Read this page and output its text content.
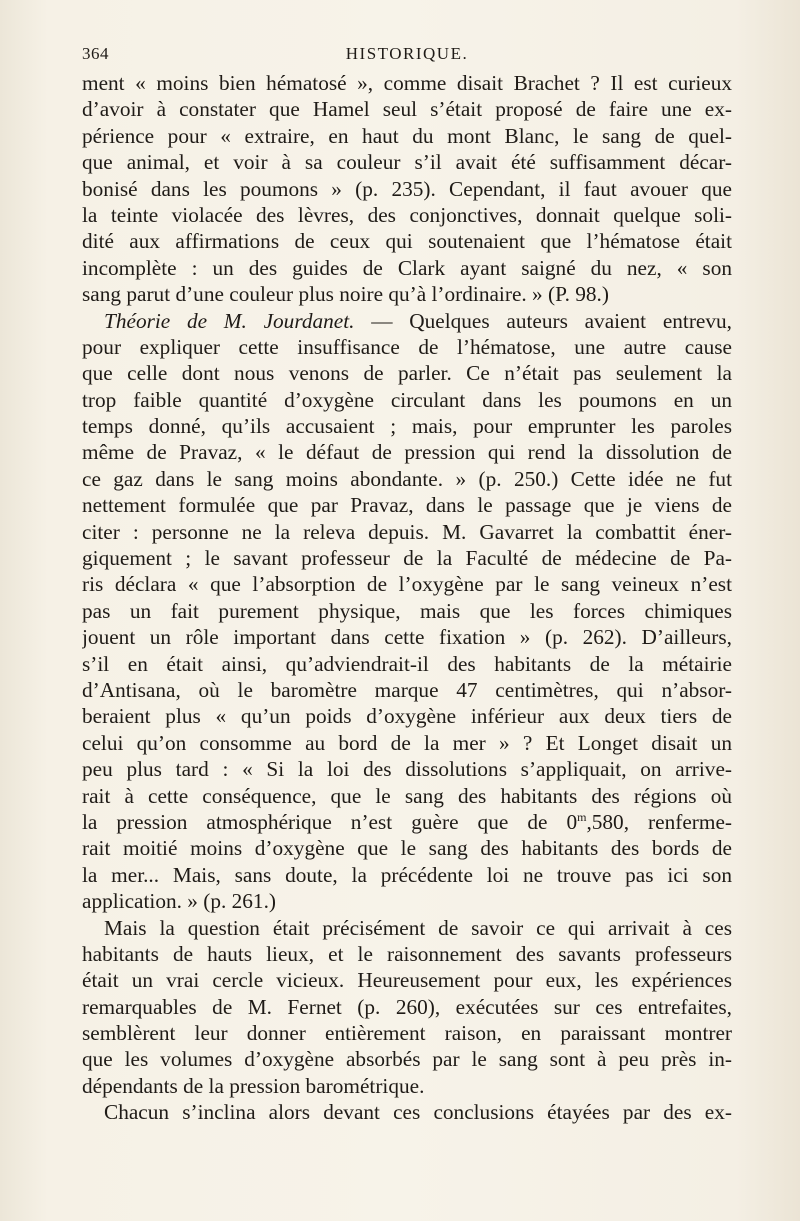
364	HISTORIQUE.
ment « moins bien hématosé », comme disait Brachet ? Il est curieux
d’avoir à constater que Hamel seul s’était proposé de faire une ex-
périence pour « extraire, en haut du mont Blanc, le sang de quel-
que animal, et voir à sa couleur s’il avait été suffisamment décar-
bonisé dans les poumons » (p. 235). Cependant, il faut avouer que
la teinte violacée des lèvres, des conjonctives, donnait quelque soli-
dité aux affirmations de ceux qui soutenaient que l’hématose était
incomplète : un des guides de Clark ayant saigné du nez, « son
sang parut d’une couleur plus noire qu’à l’ordinaire. » (P. 98.)
Théorie de M. Jourdanet. — Quelques auteurs avaient entrevu,
pour expliquer cette insuffisance de l’hématose, une autre cause
que celle dont nous venons de parler. Ce n’était pas seulement la
trop faible quantité d’oxygène circulant dans les poumons en un
temps donné, qu’ils accusaient ; mais, pour emprunter les paroles
même de Pravaz, « le défaut de pression qui rend la dissolution de
ce gaz dans le sang moins abondante. » (p. 250.) Cette idée ne fut
nettement formulée que par Pravaz, dans le passage que je viens de
citer : personne ne la releva depuis. M. Gavarret la combattit éner-
giquement ; le savant professeur de la Faculté de médecine de Pa-
ris déclara « que l’absorption de l’oxygène par le sang veineux n’est
pas un fait purement physique, mais que les forces chimiques
jouent un rôle important dans cette fixation » (p. 262). D’ailleurs,
s’il en était ainsi, qu’adviendrait-il des habitants de la métairie
d’Antisana, où le baromètre marque 47 centimètres, qui n’absor-
beraient plus « qu’un poids d’oxygène inférieur aux deux tiers de
celui qu’on consomme au bord de la mer » ? Et Longet disait un
peu plus tard : « Si la loi des dissolutions s’appliquait, on arrive-
rait à cette conséquence, que le sang des habitants des régions où
la pression atmosphérique n’est guère que de 0$^m$,580, renferme-
rait moitié moins d’oxygène que le sang des habitants des bords de
la mer... Mais, sans doute, la précédente loi ne trouve pas ici son
application. » (p. 261.)
Mais la question était précisément de savoir ce qui arrivait à ces
habitants de hauts lieux, et le raisonnement des savants professeurs
était un vrai cercle vicieux. Heureusement pour eux, les expériences
remarquables de M. Fernet (p. 260), exécutées sur ces entrefaites,
semblèrent leur donner entièrement raison, en paraissant montrer
que les volumes d’oxygène absorbés par le sang sont à peu près in-
dépendants de la pression barométrique.
Chacun s’inclina alors devant ces conclusions étayées par des ex-
